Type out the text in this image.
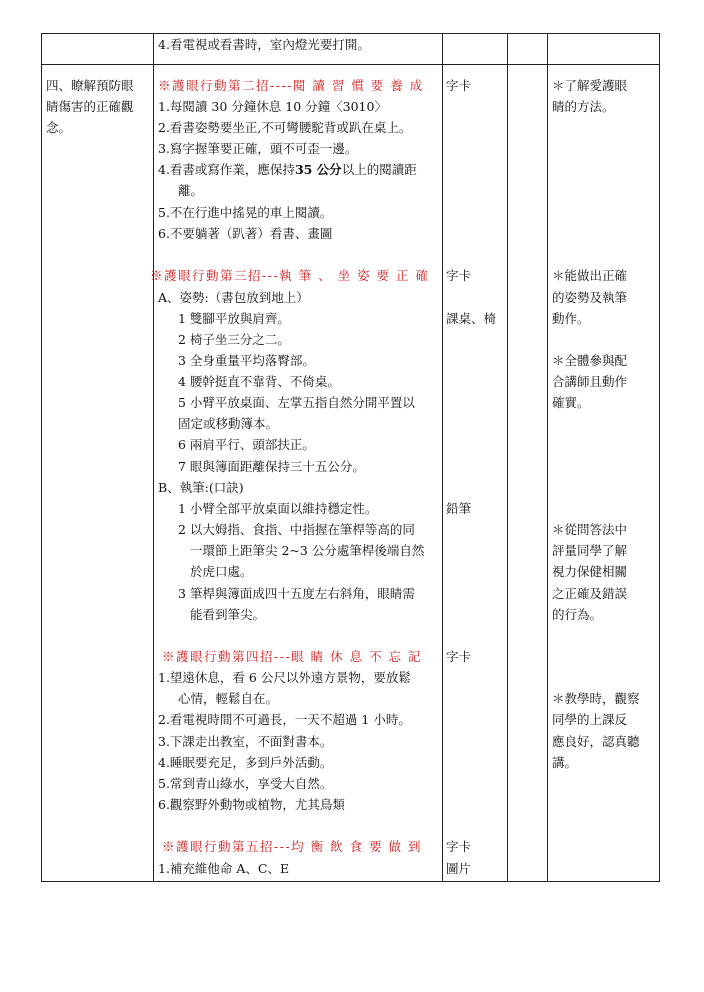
四、瞭解預防眼
睛傷害的正確觀
念。
4.看電視或看書時，室內燈光要打開。
※護眼行動第二招----閱 讀 習 慣 要 養 成
1.每閱讀 30 分鐘休息 10 分鐘〈3010〉
2.看書姿勢要坐正,不可彎腰駝背或趴在桌上。
3.寫字握筆要正確，頭不可歪一邊。
4.看書或寫作業，應保持35 公分以上的閱讀距
離。
5.不在行進中搖晃的車上閱讀。
6.不要躺著（趴著）看書、畫圖
字卡	＊了解愛護眼
睛的方法。
※護眼行動第三招---執 筆 、 坐 姿 要 正 確
A、姿勢:（書包放到地上）
1 雙腳平放與肩齊。
2 椅子坐三分之二。
3 全身重量平均落臀部。
4 腰幹挺直不靠背、不倚桌。
5 小臂平放桌面、左掌五指自然分開平置以
固定或移動簿本。
6 兩肩平行、頭部扶正。
7 眼與簿面距離保持三十五公分。
B、執筆:(口訣)
1 小臂全部平放桌面以維持穩定性。
2 以大姆指、食指、中指握在筆桿等高的同
一環節上距筆尖 2~3 公分處筆桿後端自然
於虎口處。
3 筆桿與簿面成四十五度左右斜角，眼睛需
能看到筆尖。
字卡
課桌、椅
鉛筆
＊能做出正確
的姿勢及執筆
動作。
＊全體參與配
合講師且動作
確實。
＊從問答法中
評量同學了解
視力保健相關
之正確及錯誤
的行為。
※護眼行動第四招---眼 睛 休 息 不 忘 記
1.望遠休息，看 6 公尺以外遠方景物，要放鬆
心情，輕鬆自在。
2.看電視時間不可過長，一天不超過 1 小時。
3.下課走出教室，不面對書本。
4.睡眠要充足，多到戶外活動。
5.常到青山綠水，享受大自然。
6.觀察野外動物或植物，尤其鳥類
字卡
＊教學時，觀察
同學的上課反
應良好，認真聽
講。
※護眼行動第五招---均 衡 飲 食 要 做 到
1.補充維他命 A、C、E
字卡
圖片
